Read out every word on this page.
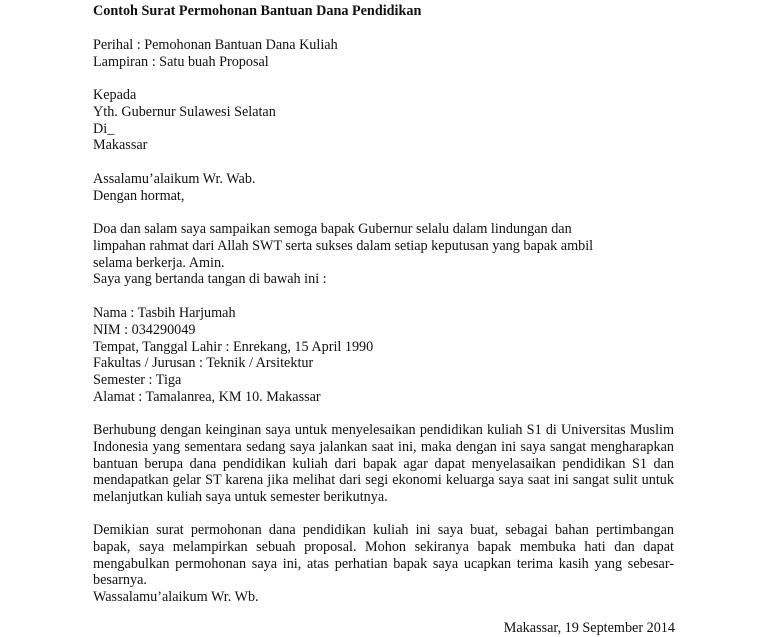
Contoh Surat Permohonan Bantuan Dana Pendidikan

Perihal : Pemohonan Bantuan Dana Kuliah

Lampiran : Satu buah Proposal

Kepada

Yth. Gubernur Sulawesi Selatan

Di_

Makassar

Assalamu’alaikum Wr. Wab.

Dengan hormat,

Doa dan salam saya sampaikan semoga bapak Gubernur selalu dalam lindungan dan

limpahan rahmat dari Allah SWT serta sukses dalam setiap keputusan yang bapak ambil

selama berkerja. Amin.

Saya yang bertanda tangan di bawah ini :

Nama : Tasbih Harjumah

NIM : 034290049

Tempat, Tanggal Lahir : Enrekang, 15 April 1990

Fakultas / Jurusan : Teknik / Arsitektur

Semester : Tiga

Alamat : Tamalanrea, KM 10. Makassar

Berhubung dengan keinginan saya untuk menyelesaikan pendidikan kuliah S1 di Universitas Muslim Indonesia yang sementara sedang saya jalankan saat ini, maka dengan ini saya sangat mengharapkan bantuan berupa dana pendidikan kuliah dari bapak agar dapat menyelasaikan pendidikan S1 dan mendapatkan gelar ST karena jika melihat dari segi ekonomi keluarga saya saat ini sangat sulit untuk melanjutkan kuliah saya untuk semester berikutnya.

Demikian surat permohonan dana pendidikan kuliah ini saya buat, sebagai bahan pertimbangan bapak, saya melampirkan sebuah proposal. Mohon sekiranya bapak membuka hati dan dapat mengabulkan permohonan saya ini, atas perhatian bapak saya ucapkan terima kasih yang sebesar-besarnya.

Wassalamu’alaikum Wr. Wb.

Makassar, 19 September 2014
